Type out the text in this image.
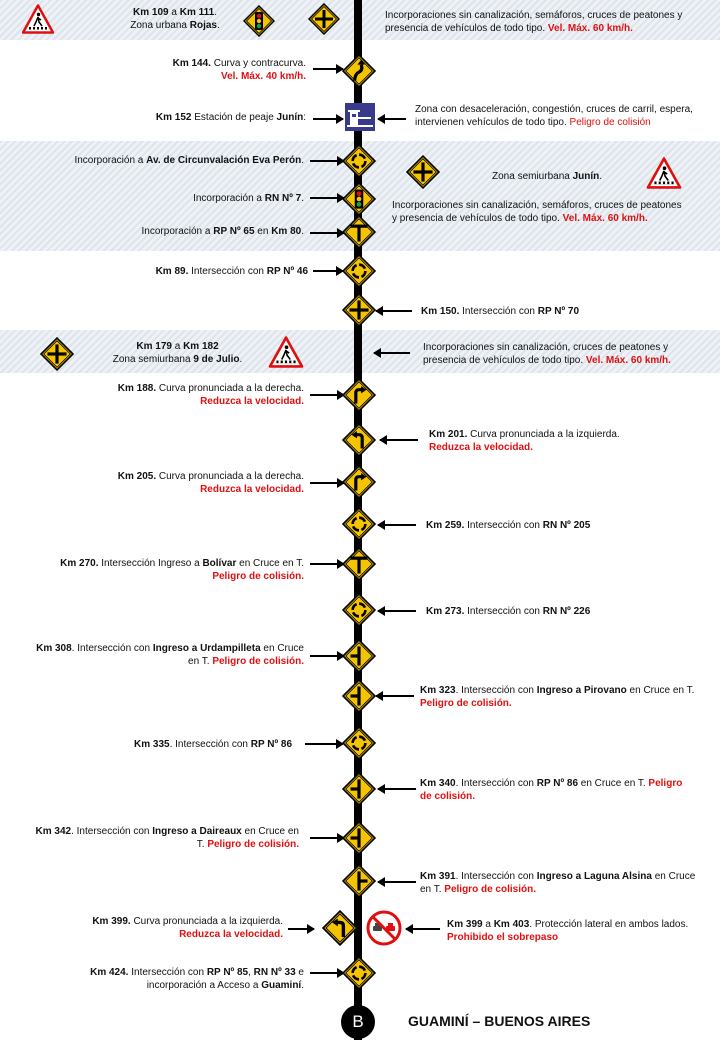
Km 109 a Km 111.
Zona urbana Rojas.
Incorporaciones sin canalización, semáforos, cruces de peatones y
presencia de vehículos de todo tipo. Vel. Máx. 60 km/h.
Km 144. Curva y contracurva.
Vel. Máx. 40 km/h.
Km 152 Estación de peaje Junín:
Zona con desaceleración, congestión, cruces de carril, espera,
intervienen vehículos de todo tipo. Peligro de colisión
Incorporación a Av. de Circunvalación Eva Perón.
Zona semiurbana Junín.
Incorporación a RN Nº 7.
Incorporaciones sin canalización, semáforos, cruces de peatones
y presencia de vehículos de todo tipo. Vel. Máx. 60 km/h.
Incorporación a RP Nº 65 en Km 80.
Km 89. Intersección con RP Nº 46
Km 150. Intersección con RP Nº 70
Km 179 a Km 182
Zona semiurbana 9 de Julio.
Incorporaciones sin canalización, cruces de peatones y
presencia de vehículos de todo tipo. Vel. Máx. 60 km/h.
Km 188. Curva pronunciada a la derecha.
Reduzca la velocidad.
Km 201. Curva pronunciada a la izquierda.
Reduzca la velocidad.
Km 205. Curva pronunciada a la derecha.
Reduzca la velocidad.
Km 259. Intersección con RN Nº 205
Km 270. Intersección Ingreso a Bolívar en Cruce en T.
Peligro de colisión.
Km 273. Intersección con RN Nº 226
Km 308. Intersección con Ingreso a Urdampilleta en Cruce
en T. Peligro de colisión.
Km 323. Intersección con Ingreso a Pirovano en Cruce en T.
Peligro de colisión.
Km 335. Intersección con RP Nº 86
Km 340. Intersección con RP Nº 86 en Cruce en T. Peligro
de colisión.
Km 342. Intersección con Ingreso a Daireaux en Cruce en
T. Peligro de colisión.
Km 391. Intersección con Ingreso a Laguna Alsina en Cruce
en T. Peligro de colisión.
Km 399. Curva pronunciada a la izquierda.
Reduzca la velocidad.
Km 399 a Km 403. Protección lateral en ambos lados.
Prohibido el sobrepaso
Km 424. Intersección con RP Nº 85, RN Nº 33 e
incorporación a Acceso a Guaminí.
B	GUAMINÍ – BUENOS AIRES
